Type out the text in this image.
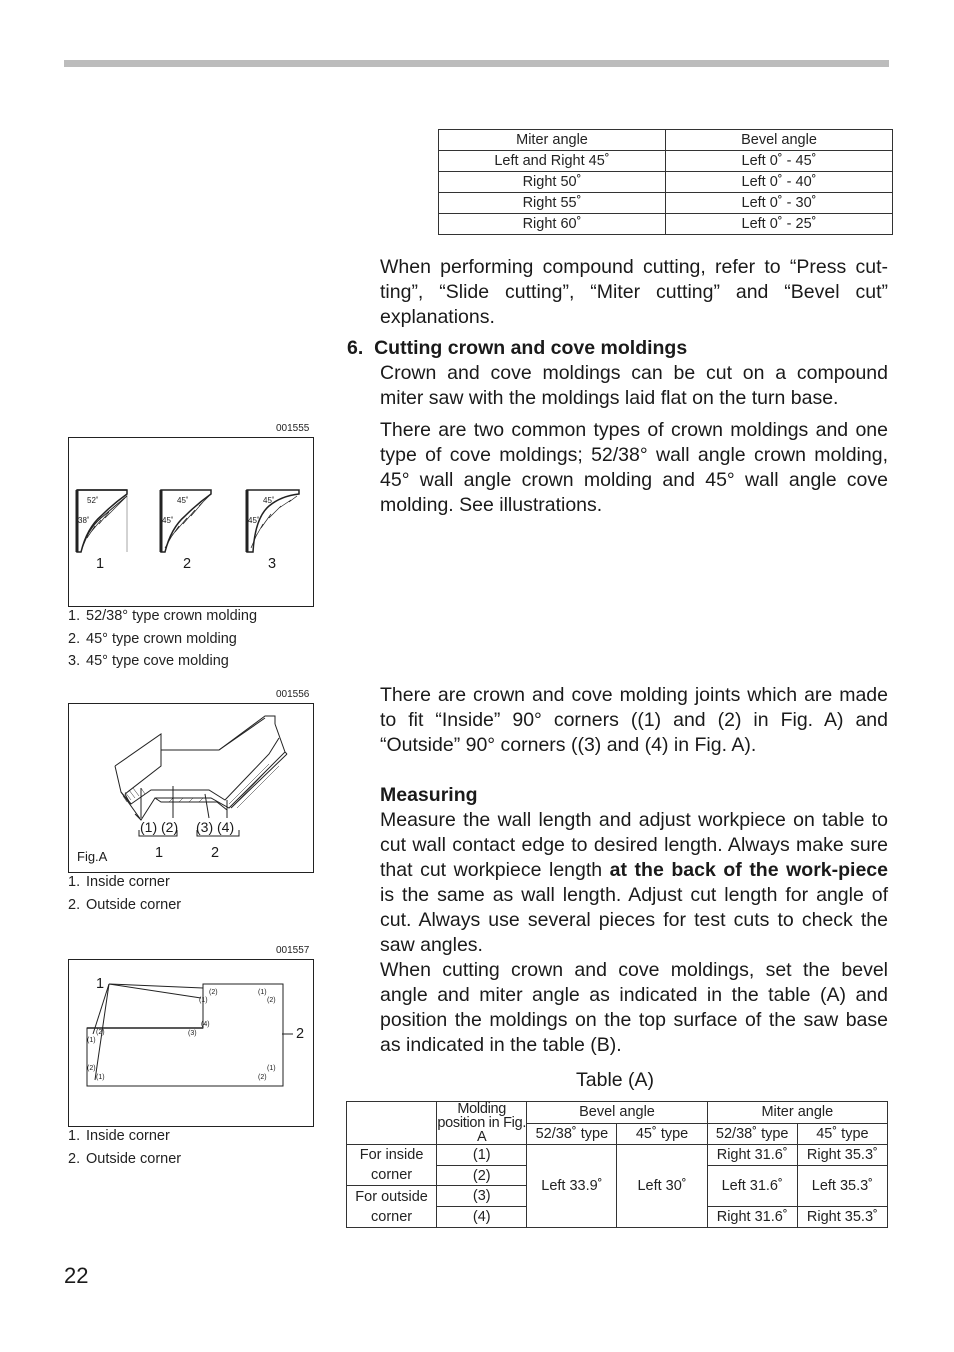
Miter angle	Bevel angle
Left and Right 45˚	Left 0˚ - 45˚
Right 50˚	Left 0˚ - 40˚
Right 55˚	Left 0˚ - 30˚
Right 60˚	Left 0˚ - 25˚
When performing compound cutting, refer to “Press cut-ting”, “Slide cutting”, “Miter cutting” and “Bevel cut” explanations.
6.  Cutting crown and cove moldings
Crown and cove moldings can be cut on a compound miter saw with the moldings laid flat on the turn base.
There are two common types of crown moldings and one type of cove moldings; 52/38° wall angle crown molding, 45° wall angle crown molding and 45° wall angle cove molding. See illustrations.
There are crown and cove molding joints which are made to fit “Inside” 90° corners ((1) and (2) in Fig. A) and “Outside” 90° corners ((3) and (4) in Fig. A).
Measuring
Measure the wall length and adjust workpiece on table to cut wall contact edge to desired length. Always make sure that cut workpiece length at the back of the work-piece is the same as wall length. Adjust cut length for angle of cut. Always use several pieces for test cuts to check the saw angles.
When cutting crown and cove moldings, set the bevel angle and miter angle as indicated in the table (A) and position the moldings on the top surface of the saw base as indicated in the table (B).
001555
52˚
38˚
45˚
45˚
45˚
45˚
1	2	3
1. 52/38° type crown molding
2. 45° type crown molding
3. 45° type cove molding
001556
(1) (2) (3) (4)
1	2
Fig.A
1. Inside corner
2. Outside corner
001557
1
2
(2)
(1)
(1)
(2)
(4)
(3)
(2)
(1)
(2)
(1)
(1)
(2)
1. Inside corner
2. Outside corner
Table (A)
	Molding position in Fig. A	Bevel angle		Miter angle	
		52/38˚ type	45˚ type	52/38˚ type	45˚ type
For inside corner	(1)	Left 33.9˚	Left 30˚	Right 31.6˚	Right 35.3˚
	(2)			Left 31.6˚	Left 35.3˚
For outside corner	(3)				
	(4)			Right 31.6˚	Right 35.3˚
22
